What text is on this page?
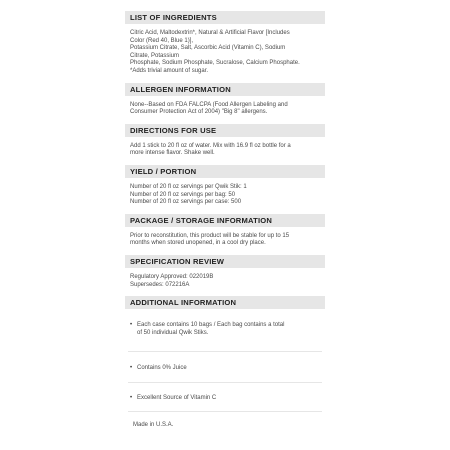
LIST OF INGREDIENTS
Citric Acid, Maltodextrin*, Natural & Artificial Flavor [Includes
Color (Red 40, Blue 1)],
Potassium Citrate, Salt, Ascorbic Acid (Vitamin C), Sodium
Citrate, Potassium
Phosphate, Sodium Phosphate, Sucralose, Calcium Phosphate.
*Adds trivial amount of sugar.
ALLERGEN INFORMATION
None--Based on FDA FALCPA (Food Allergen Labeling and
Consumer Protection Act of 2004) "Big 8" allergens.
DIRECTIONS FOR USE
Add 1 stick to 20 fl oz of water. Mix with 16.9 fl oz bottle for a
more intense flavor. Shake well.
YIELD / PORTION
Number of 20 fl oz servings per Qwik Stik: 1
Number of 20 fl oz servings per bag: 50
Number of 20 fl oz servings per case: 500
PACKAGE / STORAGE INFORMATION
Prior to reconstitution, this product will be stable for up to 15
months when stored unopened, in a cool dry place.
SPECIFICATION REVIEW
Regulatory Approved: 022019B
Supersedes: 072216A
ADDITIONAL INFORMATION
• Each case contains 10 bags / Each bag contains a total
of 50 individual Qwik Stiks.
• Contains 0% Juice
• Excellent Source of Vitamin C
Made in U.S.A.
